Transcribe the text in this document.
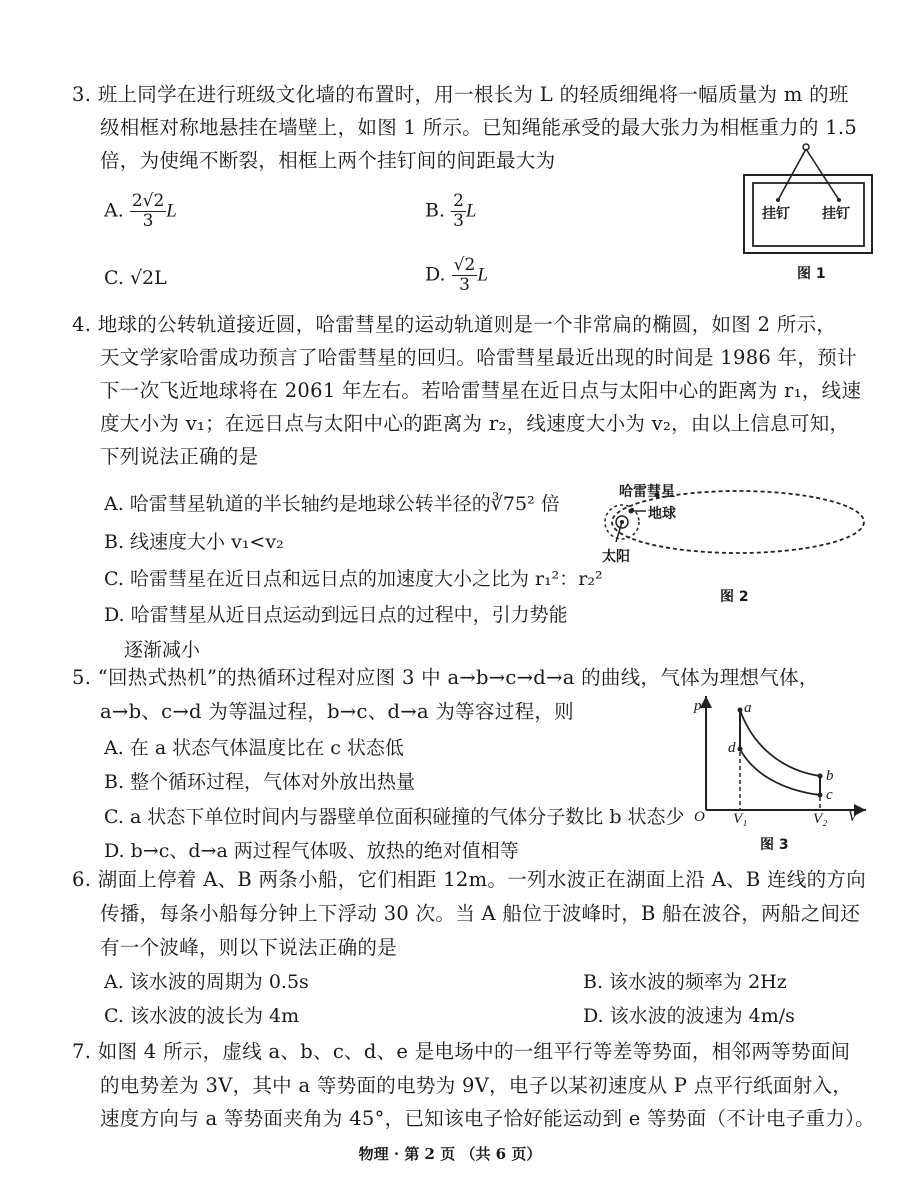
3. 班上同学在进行班级文化墙的布置时，用一根长为 L 的轻质细绳将一幅质量为 m 的班
级相框对称地悬挂在墙壁上，如图 1 所示。已知绳能承受的最大张力为相框重力的 1.5
倍，为使绳不断裂，相框上两个挂钉间的间距最大为
A. $\frac{2√2}{3}$ L	B. $\frac{2}{3}$ L
C. √2L	D. $\frac{√2}{3}$ L
挂钉 挂钉
图 1
4. 地球的公转轨道接近圆，哈雷彗星的运动轨道则是一个非常扁的椭圆，如图 2 所示，
天文学家哈雷成功预言了哈雷彗星的回归。哈雷彗星最近出现的时间是 1986 年，预计
下一次飞近地球将在 2061 年左右。若哈雷彗星在近日点与太阳中心的距离为 r₁，线速
度大小为 v₁；在远日点与太阳中心的距离为 r₂，线速度大小为 v₂，由以上信息可知，
下列说法正确的是
A. 哈雷彗星轨道的半长轴约是地球公转半径的∛75² 倍
B. 线速度大小 v₁<v₂
C. 哈雷彗星在近日点和远日点的加速度大小之比为 r₁²：r₂²
D. 哈雷彗星从近日点运动到远日点的过程中，引力势能
逐渐减小
哈雷彗星
地球
太阳
图 2
5. “回热式热机”的热循环过程对应图 3 中 a→b→c→d→a 的曲线，气体为理想气体，
a→b、c→d 为等温过程，b→c、d→a 为等容过程，则
A. 在 a 状态气体温度比在 c 状态低
B. 整个循环过程，气体对外放出热量
C. a 状态下单位时间内与器壁单位面积碰撞的气体分子数比 b 状态少
D. b→c、d→a 两过程气体吸、放热的绝对值相等
p	a
d
b
c
O V₁	V₂ V
图 3
6. 湖面上停着 A、B 两条小船，它们相距 12m。一列水波正在湖面上沿 A、B 连线的方向
传播，每条小船每分钟上下浮动 30 次。当 A 船位于波峰时，B 船在波谷，两船之间还
有一个波峰，则以下说法正确的是
A. 该水波的周期为 0.5s	B. 该水波的频率为 2Hz
C. 该水波的波长为 4m	D. 该水波的波速为 4m/s
7. 如图 4 所示，虚线 a、b、c、d、e 是电场中的一组平行等差等势面，相邻两等势面间
的电势差为 3V，其中 a 等势面的电势为 9V，电子以某初速度从 P 点平行纸面射入，
速度方向与 a 等势面夹角为 45°，已知该电子恰好能运动到 e 等势面（不计电子重力）。
物理 · 第 2 页 （共 6 页）
